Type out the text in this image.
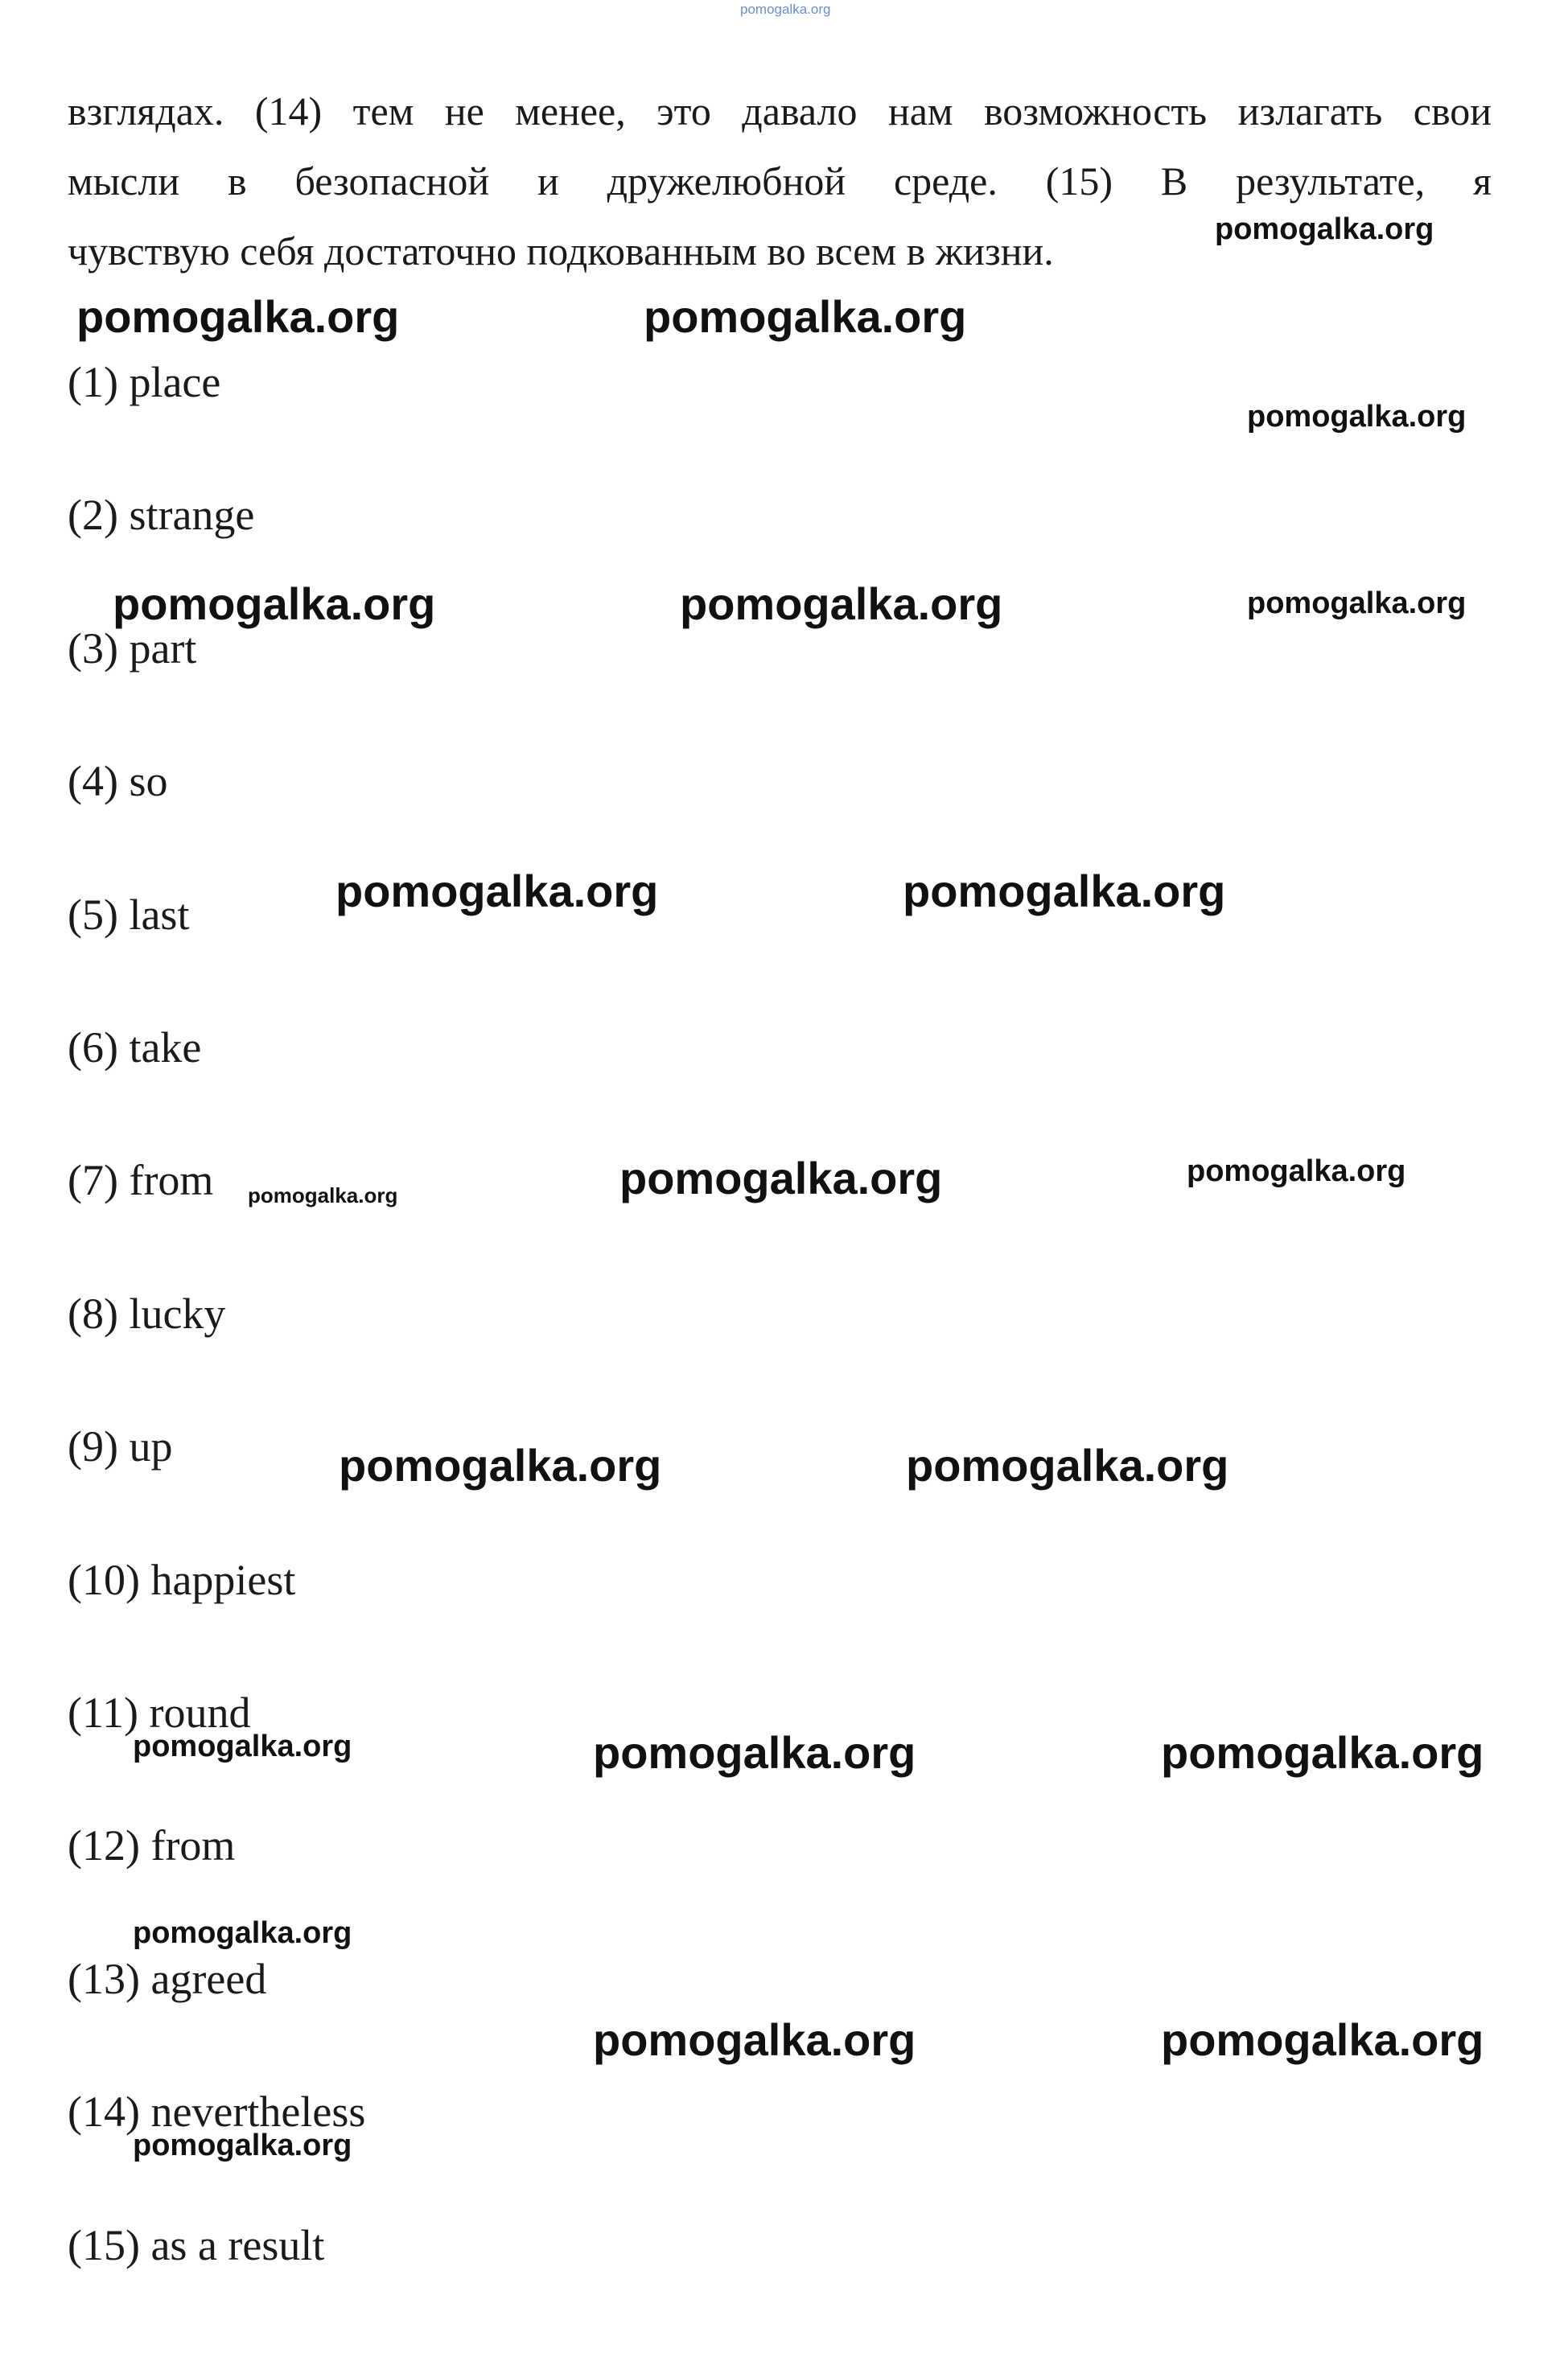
pomogalka.org

взглядах. (14) тем не менее, это давало нам возможность излагать свои
мысли в безопасной и дружелюбной среде. (15) В результате, я
чувствую себя достаточно подкованным во всем в жизни.

(1) place
(2) strange
(3) part
(4) so
(5) last
(6) take
(7) from
(8) lucky
(9) up
(10) happiest
(11) round
(12) from
(13) agreed
(14) nevertheless
(15) as a result
pomogalka.org
pomogalka.org	pomogalka.org
pomogalka.org
pomogalka.org	pomogalka.org	pomogalka.org
pomogalka.org	pomogalka.org
pomogalka.org	pomogalka.org	pomogalka.org
pomogalka.org	pomogalka.org
pomogalka.org	pomogalka.org	pomogalka.org
pomogalka.org
pomogalka.org	pomogalka.org
pomogalka.org
